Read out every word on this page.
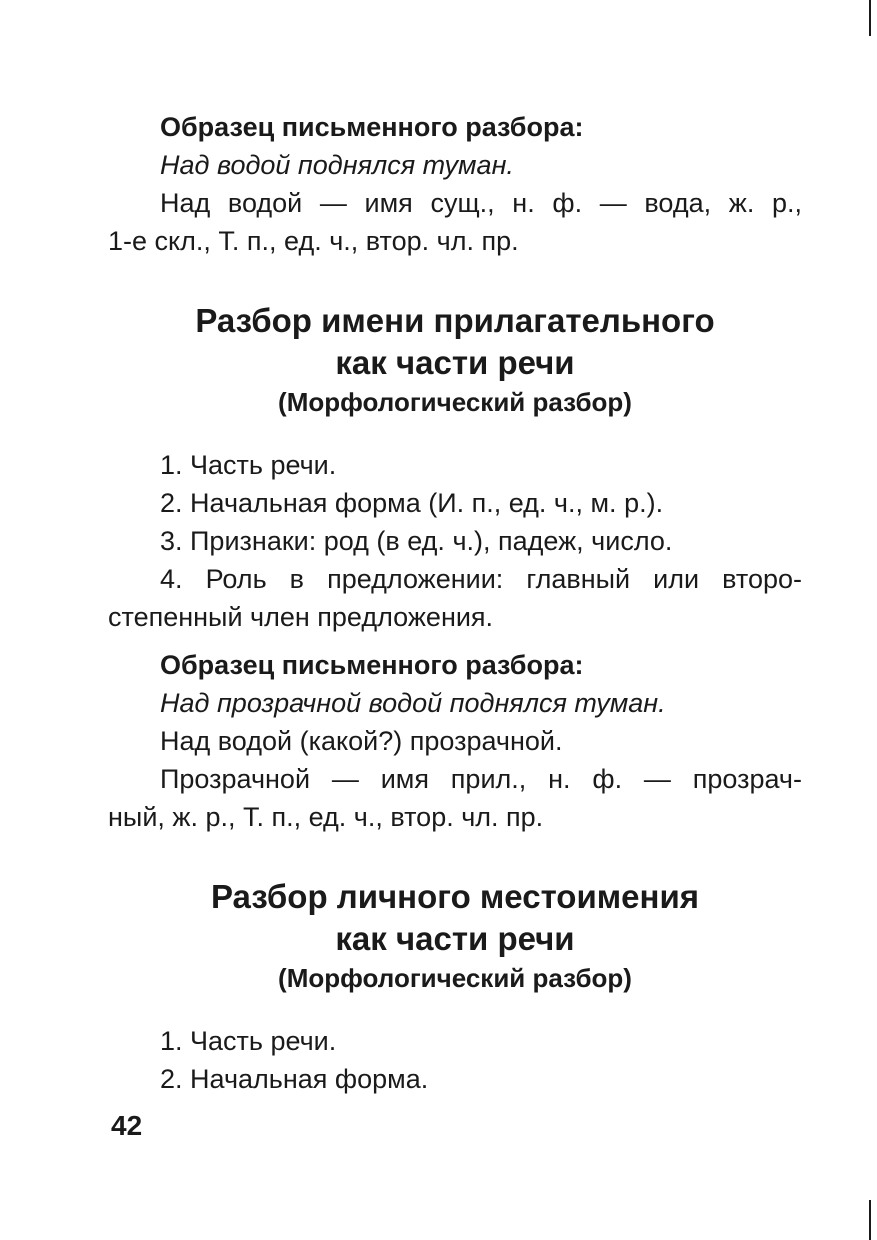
Образец письменного разбора:

Над водой поднялся туман.

Над водой — имя сущ., н. ф. — вода, ж. р.,

1-е скл., Т. п., ед. ч., втор. чл. пр.

Разбор имени прилагательного
как части речи

(Морфологический разбор)

1. Часть речи.

2. Начальная форма (И. п., ед. ч., м. р.).

3. Признаки: род (в ед. ч.), падеж, число.

4. Роль в предложении: главный или второ-

степенный член предложения.

Образец письменного разбора:

Над прозрачной водой поднялся туман.

Над водой (какой?) прозрачной.

Прозрачной — имя прил., н. ф. — прозрач-

ный, ж. р., Т. п., ед. ч., втор. чл. пр.

Разбор личного местоимения
как части речи

(Морфологический разбор)

1. Часть речи.

2. Начальная форма.

42
